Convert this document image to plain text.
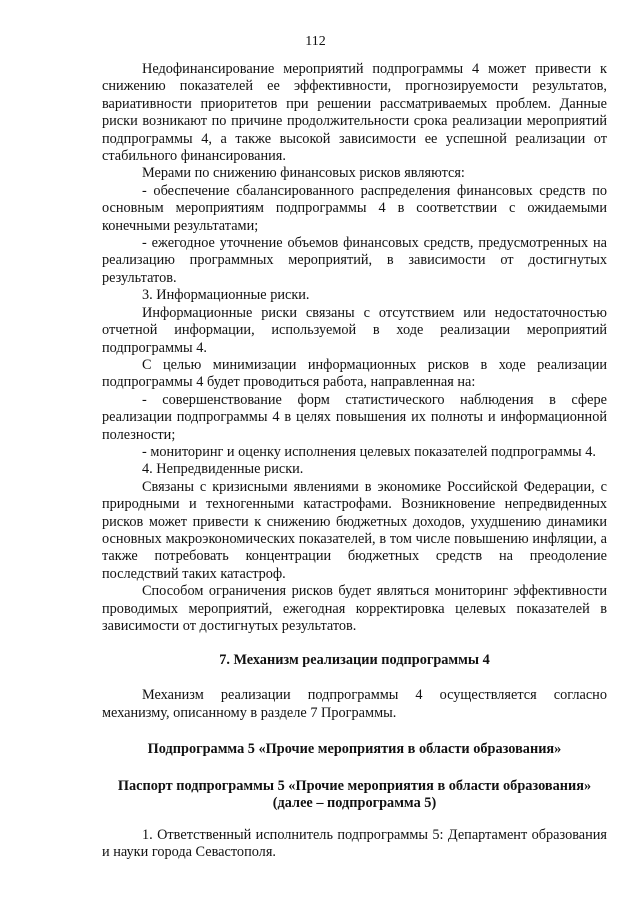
112

Недофинансирование мероприятий подпрограммы 4 может привести к снижению показателей ее эффективности, прогнозируемости результатов, вариативности приоритетов при решении рассматриваемых проблем. Данные риски возникают по причине продолжительности срока реализации мероприятий подпрограммы 4, а также высокой зависимости ее успешной реализации от стабильного финансирования.

Мерами по снижению финансовых рисков являются:

- обеспечение сбалансированного распределения финансовых средств по основным мероприятиям подпрограммы 4 в соответствии с ожидаемыми конечными результатами;

- ежегодное уточнение объемов финансовых средств, предусмотренных на реализацию программных мероприятий, в зависимости от достигнутых результатов.

3. Информационные риски.

Информационные риски связаны с отсутствием или недостаточностью отчетной информации, используемой в ходе реализации мероприятий подпрограммы 4.

С целью минимизации информационных рисков в ходе реализации подпрограммы 4 будет проводиться работа, направленная на:

- совершенствование форм статистического наблюдения в сфере реализации подпрограммы 4 в целях повышения их полноты и информационной полезности;

- мониторинг и оценку исполнения целевых показателей подпрограммы 4.

4. Непредвиденные риски.

Связаны с кризисными явлениями в экономике Российской Федерации, с природными и техногенными катастрофами. Возникновение непредвиденных рисков может привести к снижению бюджетных доходов, ухудшению динамики основных макроэкономических показателей, в том числе повышению инфляции, а также потребовать концентрации бюджетных средств на преодоление последствий таких катастроф.

Способом ограничения рисков будет являться мониторинг эффективности проводимых мероприятий, ежегодная корректировка целевых показателей в зависимости от достигнутых результатов.

7. Механизм реализации подпрограммы 4

Механизм реализации подпрограммы 4 осуществляется согласно механизму, описанному в разделе 7 Программы.

Подпрограмма 5 «Прочие мероприятия в области образования»

Паспорт подпрограммы 5 «Прочие мероприятия в области образования»

(далее – подпрограмма 5)

1. Ответственный исполнитель подпрограммы 5: Департамент образования и науки города Севастополя.
